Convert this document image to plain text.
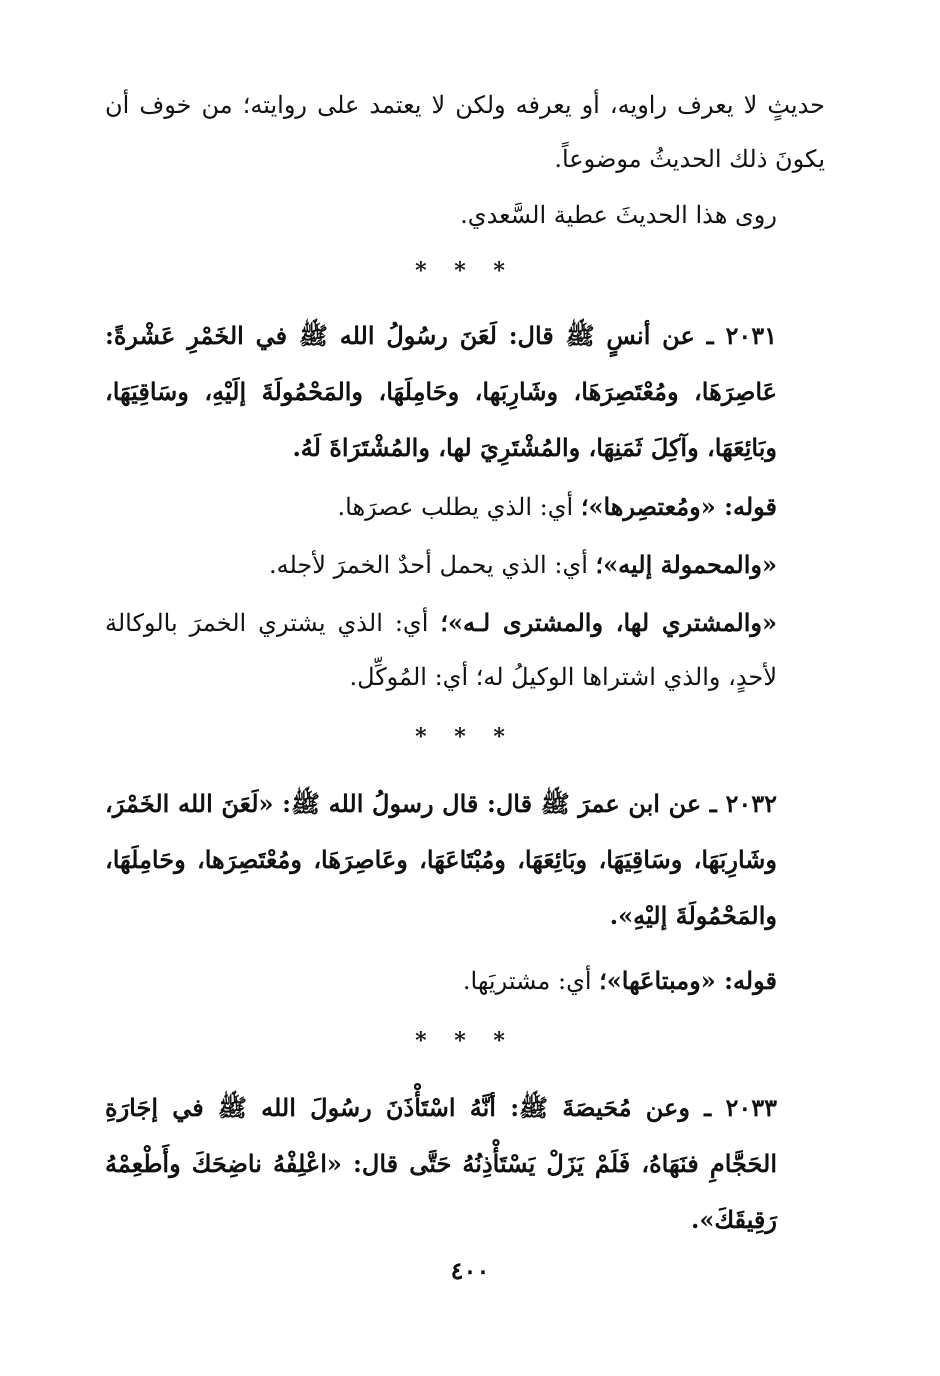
حديثٍ لا يعرف راويه، أو يعرفه ولكن لا يعتمد على روايته؛ من خوف أن يكونَ ذلك الحديثُ موضوعاً.

روى هذا الحديثَ عطية السَّعدي.

* * *

٢٠٣١ ـ عن أنسٍ ﷺ قال: لَعَنَ رسُولُ الله ﷺ في الخَمْرِ عَشْرةً: عَاصِرَهَا، ومُعْتَصِرَهَا، وشَارِبَها، وحَامِلَهَا، والمَحْمُولَةَ إلَيْهِ، وسَاقِيَهَا، وبَائِعَهَا، وآكِلَ ثَمَنِهَا، والمُشْتَرِيَ لها، والمُشْتَرَاةَ لَهُ.

قوله: «ومُعتصِرها»؛ أي: الذي يطلب عصرَها.

«والمحمولة إليه»؛ أي: الذي يحمل أحدٌ الخمرَ لأجله.

«والمشتري لها، والمشترى لـه»؛ أي: الذي يشتري الخمرَ بالوكالة لأحدٍ، والذي اشتراها الوكيلُ له؛ أي: المُوكِّل.

* * *

٢٠٣٢ ـ عن ابن عمرَ ﷺ قال: قال رسولُ الله ﷺ: «لَعَنَ الله الخَمْرَ، وشَارِبَهَا، وسَاقِيَهَا، وبَائِعَهَا، ومُبْتَاعَهَا، وعَاصِرَهَا، ومُعْتَصِرَها، وحَامِلَهَا، والمَحْمُولَةَ إليْهِ».

قوله: «ومبتاعَها»؛ أي: مشتريَها.

* * *

٢٠٣٣ ـ وعن مُحَيصَةَ ﷺ: أنَّهُ اسْتَأْذَنَ رسُولَ الله ﷺ في إجَارَةِ الحَجَّامِ فنَهَاهُ، فَلَمْ يَزَلْ يَسْتَأْذِنُهُ حَتَّى قال: «اعْلِفْهُ ناضِحَكَ وأَطْعِمْهُ رَقِيقَكَ».

٤٠٠
